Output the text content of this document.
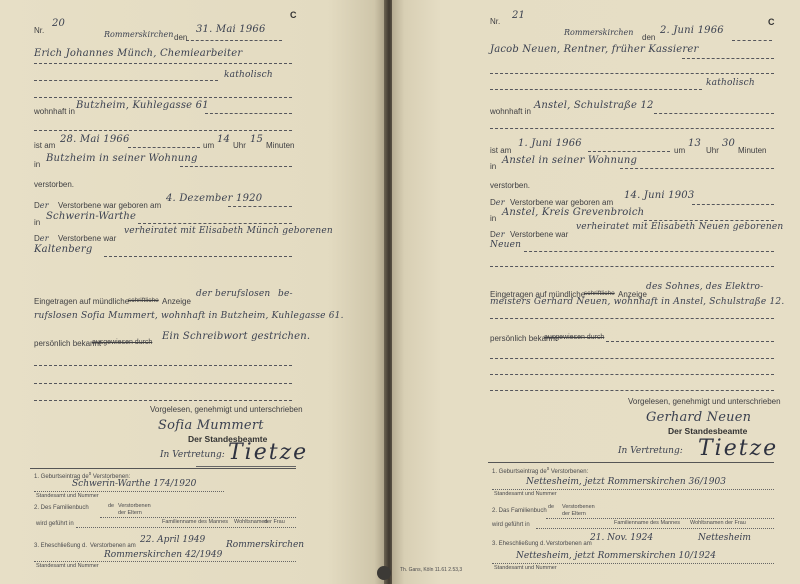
C
Nr.
20
Rommerskirchen den
31. Mai 1966
Erich Johannes Münch, Chemiearbeiter
katholisch
wohnhaft in
Butzheim, Kuhlegasse 61
ist am
28. Mai 1966
um
14
Uhr
15
Minuten
in
Butzheim in seiner Wohnung
verstorben.
Der Verstorbene war geboren am
4. Dezember 1920
in
Schwerin-Warthe
Der Verstorbene war
verheiratet mit Elisabeth Münch geborenen
Kaltenberg
Eingetragen auf mündliche
schriftliche Anzeige
der berufslosen be-
rufslosen Sofia Mummert, wohnhaft in Butzheim, Kuhlegasse 61.
persönlich bekannt
ausgewiesen durch
Ein Schreibwort gestrichen.
Vorgelesen, genehmigt und unterschrieben
Sofia Mummert
Der Standesbeamte
In Vertretung: Tietze
1. Geburtseintrag $de^s$ Verstorbenen:
Schwerin-Warthe 174/1920
Standesamt und Nummer
2. Des Familienbuch	de Verstorbenen
der Eltern
Familienname des Mannes Wohltsnamen
der Frau
wird geführt in
3. Eheschließung d. Verstorbenen am
22. April 1949 Rommerskirchen
Rommerskirchen 42/1949
Standesamt und Nummer
C
Nr.
21
Rommerskirchen
den
2. Juni 1966
Jacob Neuen, Rentner, früher Kassierer
katholisch
wohnhaft in
Anstel, Schulstraße 12
ist am
1. Juni 1966
um
13
Uhr
30
Minuten
in
Anstel in seiner Wohnung
verstorben.
Der Verstorbene war geboren am
14. Juni 1903
in
Anstel, Kreis Grevenbroich
Der Verstorbene war
verheiratet mit Elisabeth Neuen geborenen
Neuen
Eingetragen auf mündliche
schriftliche Anzeige
des Sohnes, des Elektro-
meisters Gerhard Neuen, wohnhaft in Anstel, Schulstraße 12.
persönlich bekannt
ausgewiesen durch
Vorgelesen, genehmigt und unterschrieben
Gerhard Neuen
Der Standesbeamte
In Vertretung: Tietze
1. Geburtseintrag $de^s$ Verstorbenen:
Nettesheim, jetzt Rommerskirchen 36/1903
Standesamt und Nummer
2. Das Familienbuch
de Verstorbenen
der Eltern
Familienname des Mannes Wohltsnamen der Frau
wird geführt in
3. Eheschließung d. Verstorbenen am
21. Nov. 1924	Nettesheim
Nettesheim, jetzt Rommerskirchen 10/1924
Standesamt und Nummer
Th. Gans, Köln 11.61 2.53,3
